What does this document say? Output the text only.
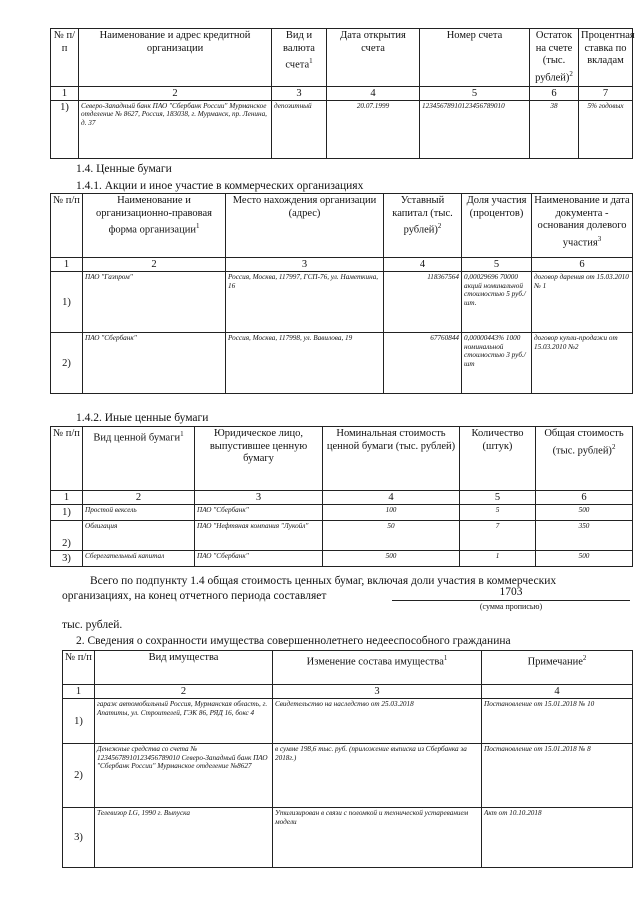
№ п/п	Наименование и адрес кредитной организации	Вид и валюта счета$^1$	Дата открытия счета	Номер счета	Остаток на счете (тыс. рублей)$^2$	Процентная ставка по вкладам
1	2	3	4	5	6	7
1)	Северо-Западный банк ПАО "Сбербанк России" Мурманское отделение № 8627, Россия, 183038, г. Мурманск, пр. Ленина, д. 37	депозитный	20.07.1999	12345678910123456789010	38	5% годовых
1.4. Ценные бумаги
1.4.1. Акции и иное участие в коммерческих организациях
№ п/п	Наименование и организационно-правовая форма организации$^1$	Место нахождения организации (адрес)	Уставный капитал (тыс. рублей)$^2$	Доля участия (процентов)	Наименование и дата документа - основания долевого участия$^3$
1	2	3	4	5	6
1)	ПАО "Газпром"	Россия, Москва, 117997, ГСП-76, ул. Наметкина, 16	118367564	0,00029696 70000 акций номинальной стоимостью 5 руб./шт.	договор дарения от 15.03.2010 № 1
2)	ПАО "Сбербанк"	Россия, Москва, 117998, ул. Вавилова, 19	67760844	0,00000443% 1000 номинальной стоимостью 3 руб./шт	договор купли-продажи от 15.03.2010 №2
1.4.2. Иные ценные бумаги
№ п/п	Вид ценной бумаги$^1$	Юридическое лицо, выпустившее ценную бумагу	Номинальная стоимость ценной бумаги (тыс. рублей)	Количество (штук)	Общая стоимость (тыс. рублей)$^2$
1	2	3	4	5	6
1)	Простой вексель	ПАО "Сбербанк"	100	5	500
2)	Облигация	ПАО "Нефтяная компания "Лукойл"	50	7	350
3)	Сберегательный капитал	ПАО "Сбербанк"	500	1	500
Всего по подпункту 1.4 общая стоимость ценных бумаг, включая доли участия в коммерческих
организациях, на конец отчетного периода составляет	1703
(сумма прописью)
тыс. рублей.
2. Сведения о сохранности имущества совершеннолетнего недееспособного гражданина
№ п/п	Вид имущества	Изменение состава имущества$^1$	Примечание$^2$
1	2	3	4
1)	гараж автомобильный Россия, Мурманская область, г. Апатиты, ул. Строителей, ГЭК 86, РЯД 16, бокс 4	Свидетельство на наследство от 25.03.2018	Постановление от 15.01.2018 № 10
2)	Денежные средства со счета № 12345678910123456789010 Северо-Западный банк ПАО "Сбербанк России" Мурманское отделение №8627	в сумме 198,6 тыс. руб. (приложение выписка из Сбербанка за 2018г.)	Постановление от 15.01.2018 № 8
3)	Телевизор LG, 1990 г. Выпуска	Утилизирован в связи с поломкой и технической устареванием модели	Акт от 10.10.2018
